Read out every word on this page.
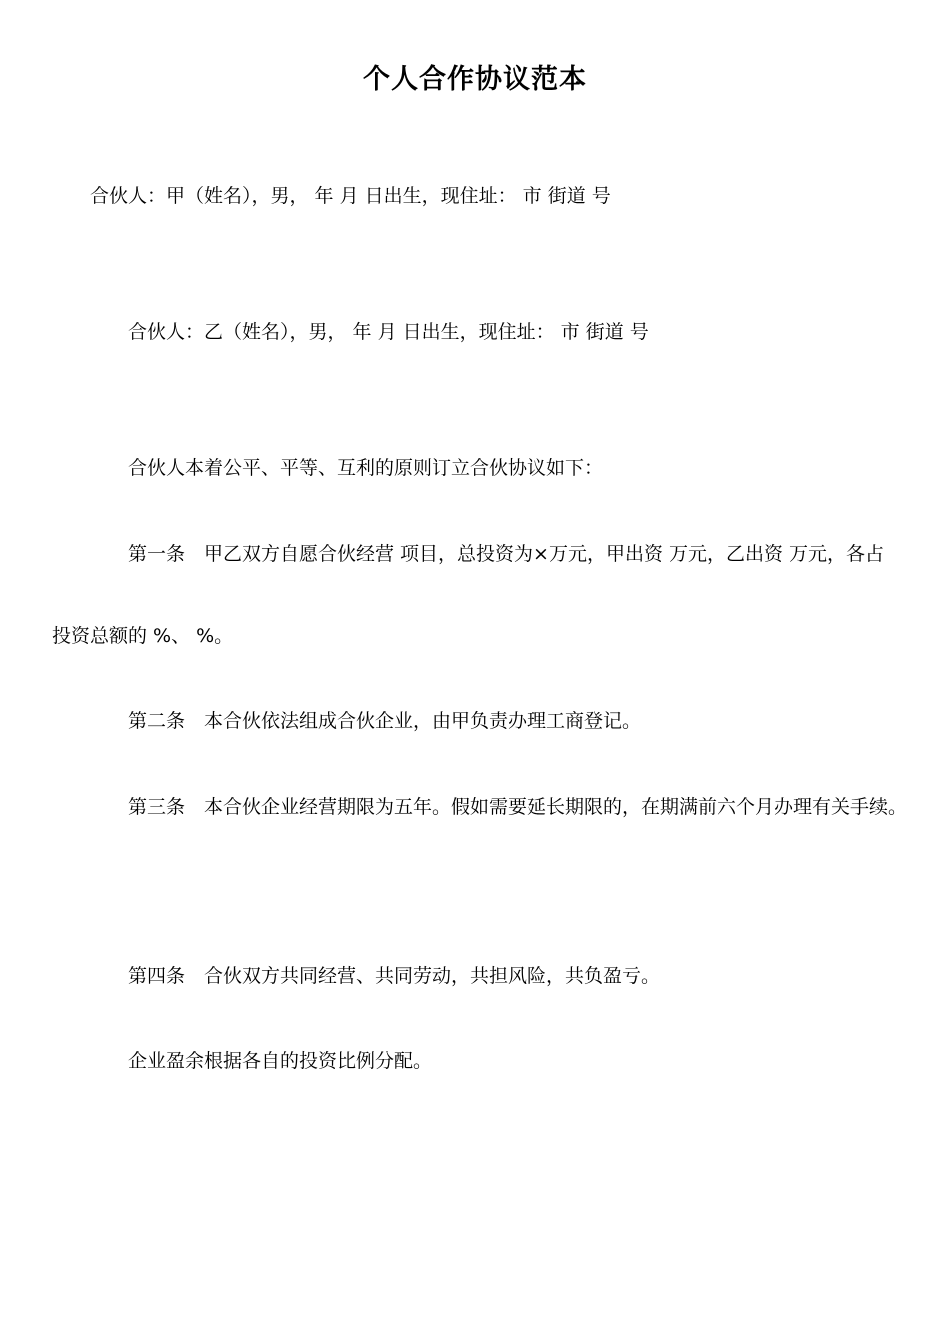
个人合作协议范本
合伙人：甲（姓名），男， 年 月 日出生，现住址： 市 街道 号
合伙人：乙（姓名），男， 年 月 日出生，现住址： 市 街道 号
合伙人本着公平、平等、互利的原则订立合伙协议如下：
第一条 甲乙双方自愿合伙经营 项目，总投资为×万元，甲出资 万元，乙出资 万元，各占
投资总额的 %、 %。
第二条 本合伙依法组成合伙企业，由甲负责办理工商登记。
第三条 本合伙企业经营期限为五年。假如需要延长期限的，在期满前六个月办理有关手续。
第四条 合伙双方共同经营、共同劳动，共担风险，共负盈亏。
企业盈余根据各自的投资比例分配。
